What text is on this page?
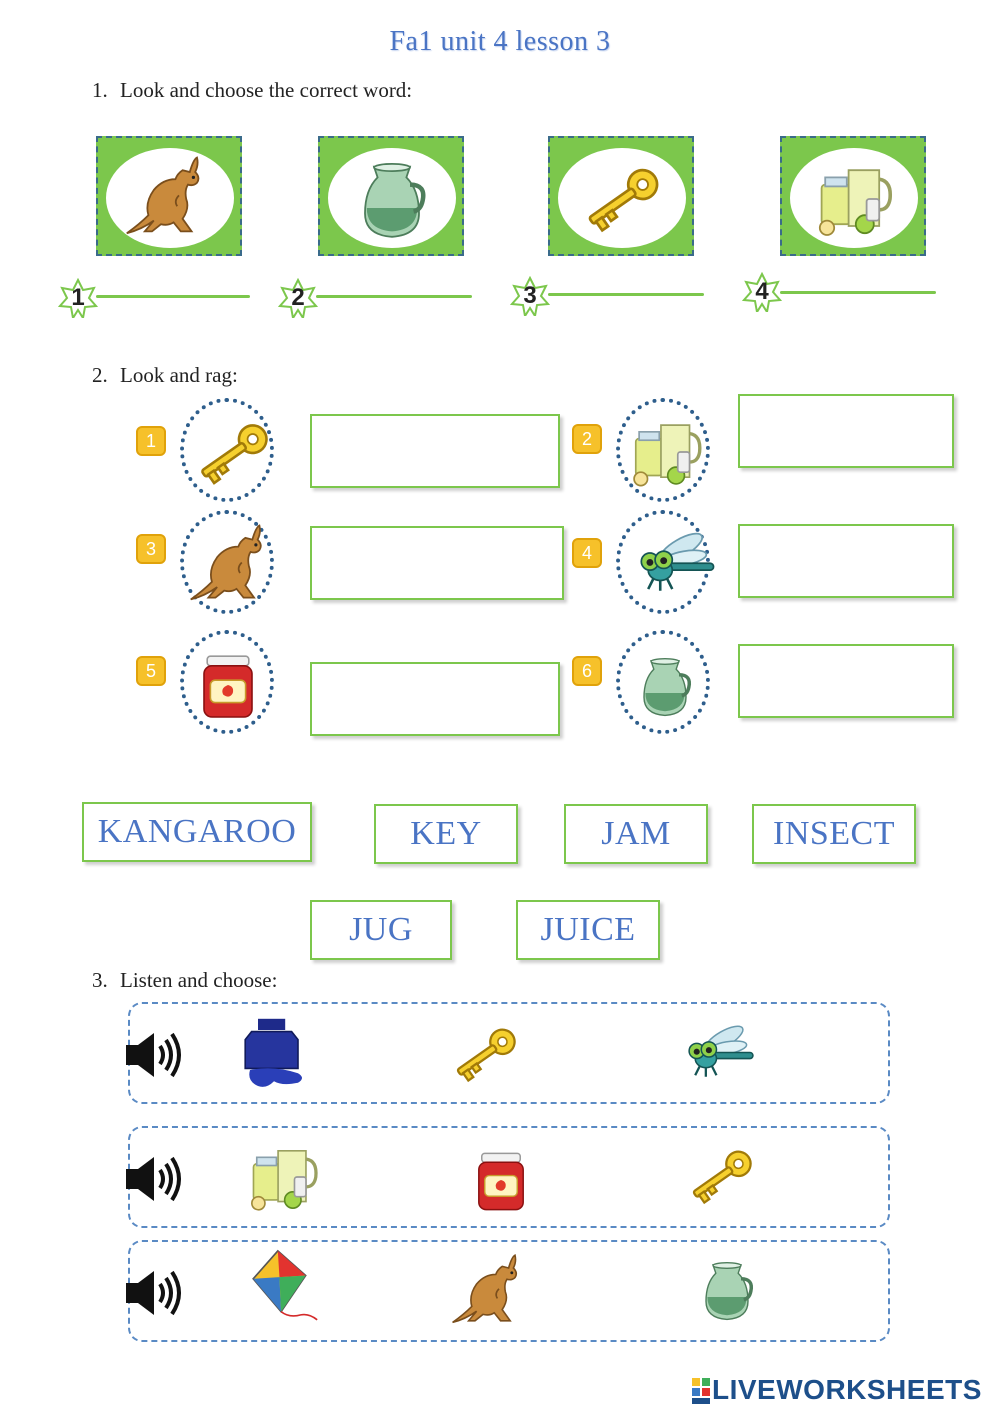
Fa1 unit 4 lesson 3
1. Look and choose the correct word:
1	2	3	4
2. Look and rag:
1	2
3	4
5	6
KANGAROO	KEY	JAM	INSECT
JUG	JUICE
3. Listen and choose:
LIVEWORKSHEETS
